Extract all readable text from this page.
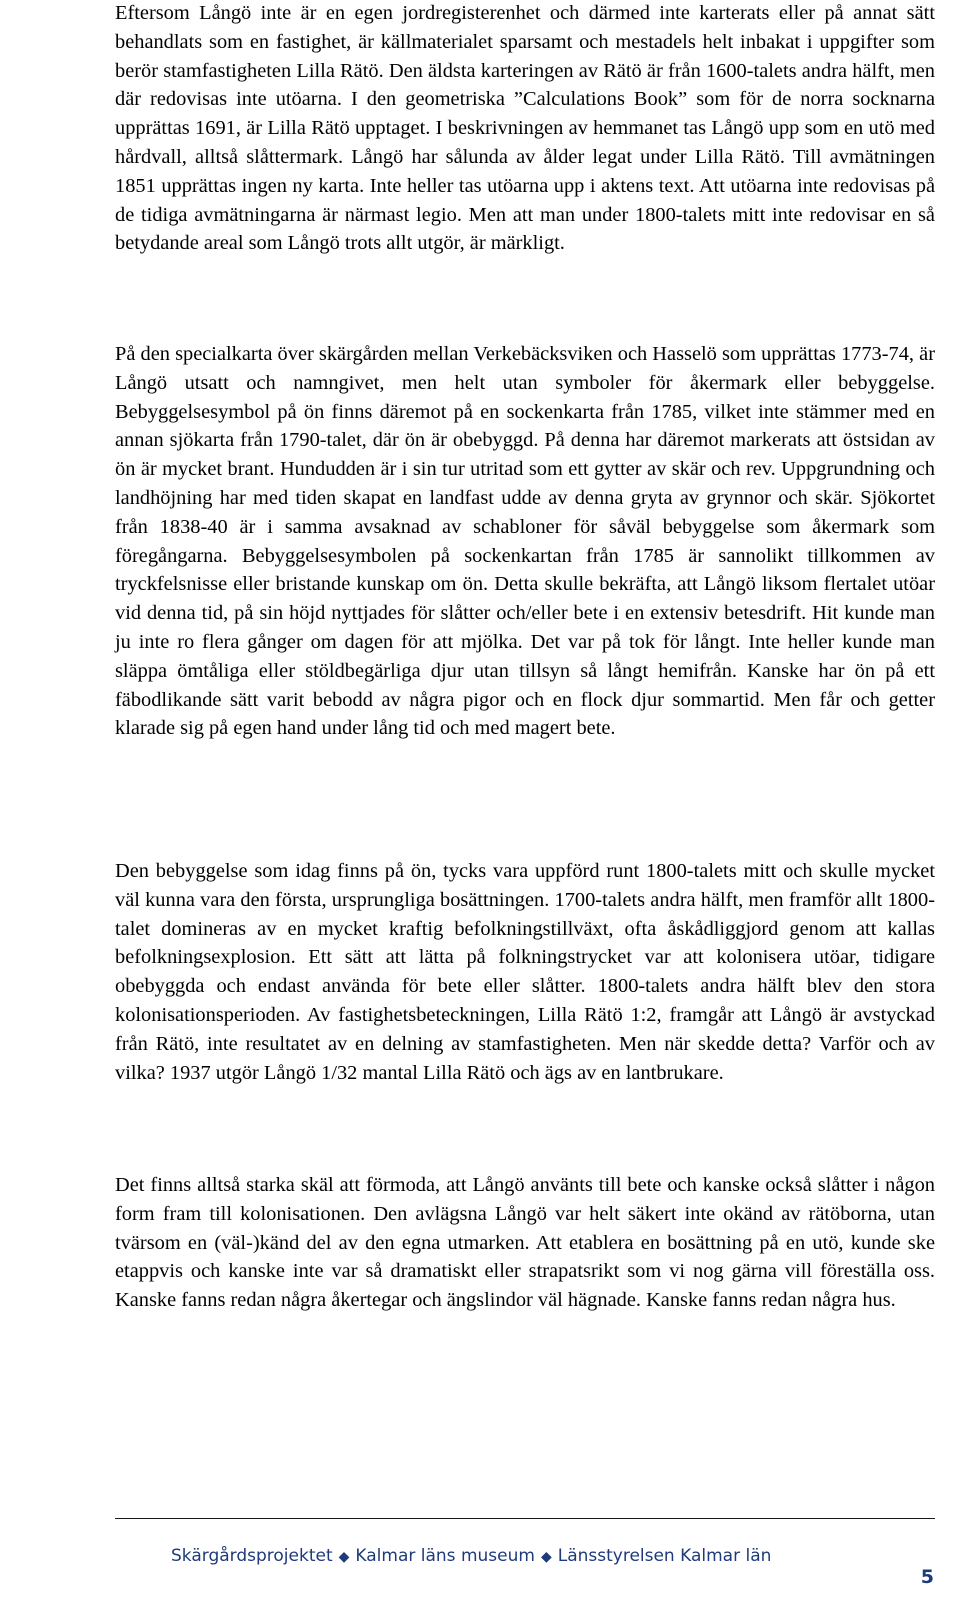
Eftersom Långö inte är en egen jordregisterenhet och därmed inte karterats eller på annat sätt behandlats som en fastighet, är källmaterialet sparsamt och mestadels helt inbakat i uppgifter som berör stamfastigheten Lilla Rätö. Den äldsta karteringen av Rätö är från 1600-talets andra hälft, men där redovisas inte utöarna. I den geometriska ”Calculations Book” som för de norra socknarna upprättas 1691, är Lilla Rätö upptaget. I beskrivningen av hemmanet tas Långö upp som en utö med hårdvall, alltså slåttermark. Långö har sålunda av ålder legat under Lilla Rätö. Till avmätningen 1851 upprättas ingen ny karta. Inte heller tas utöarna upp i aktens text. Att utöarna inte redovisas på de tidiga avmätningarna är närmast legio. Men att man under 1800-talets mitt inte redovisar en så betydande areal som Långö trots allt utgör, är märkligt.

På den specialkarta över skärgården mellan Verkebäcksviken och Hasselö som upprättas 1773-74, är Långö utsatt och namngivet, men helt utan symboler för åkermark eller bebyggelse. Bebyggelsesymbol på ön finns däremot på en sockenkarta från 1785, vilket inte stämmer med en annan sjökarta från 1790-talet, där ön är obebyggd. På denna har däremot markerats att östsidan av ön är mycket brant. Hundudden är i sin tur utritad som ett gytter av skär och rev. Uppgrundning och landhöjning har med tiden skapat en landfast udde av denna gryta av grynnor och skär. Sjökortet från 1838-40 är i samma avsaknad av schabloner för såväl bebyggelse som åkermark som föregångarna. Bebyggelsesymbolen på sockenkartan från 1785 är sannolikt tillkommen av tryckfelsnisse eller bristande kunskap om ön. Detta skulle bekräfta, att Långö liksom flertalet utöar vid denna tid, på sin höjd nyttjades för slåtter och/eller bete i en extensiv betesdrift. Hit kunde man ju inte ro flera gånger om dagen för att mjölka. Det var på tok för långt. Inte heller kunde man släppa ömtåliga eller stöldbegärliga djur utan tillsyn så långt hemifrån. Kanske har ön på ett fäbodlikande sätt varit bebodd av några pigor och en flock djur sommartid. Men får och getter klarade sig på egen hand under lång tid och med magert bete.

Den bebyggelse som idag finns på ön, tycks vara uppförd runt 1800-talets mitt och skulle mycket väl kunna vara den första, ursprungliga bosättningen. 1700-talets andra hälft, men framför allt 1800-talet domineras av en mycket kraftig befolkningstillväxt, ofta åskådliggjord genom att kallas befolkningsexplosion. Ett sätt att lätta på folkningstrycket var att kolonisera utöar, tidigare obebyggda och endast använda för bete eller slåtter. 1800-talets andra hälft blev den stora kolonisationsperioden. Av fastighetsbeteckningen, Lilla Rätö 1:2, framgår att Långö är avstyckad från Rätö, inte resultatet av en delning av stamfastigheten. Men när skedde detta? Varför och av vilka? 1937 utgör Långö 1/32 mantal Lilla Rätö och ägs av en lantbrukare.

Det finns alltså starka skäl att förmoda, att Långö använts till bete och kanske också slåtter i någon form fram till kolonisationen. Den avlägsna Långö var helt säkert inte okänd av rätöborna, utan tvärsom en (väl-)känd del av den egna utmarken. Att etablera en bosättning på en utö, kunde ske etappvis och kanske inte var så dramatiskt eller strapatsrikt som vi nog gärna vill föreställa oss. Kanske fanns redan några åkertegar och ängslindor väl hägnade. Kanske fanns redan några hus.

Skärgårdsprojektet ◆ Kalmar läns museum ◆ Länsstyrelsen Kalmar län
5
